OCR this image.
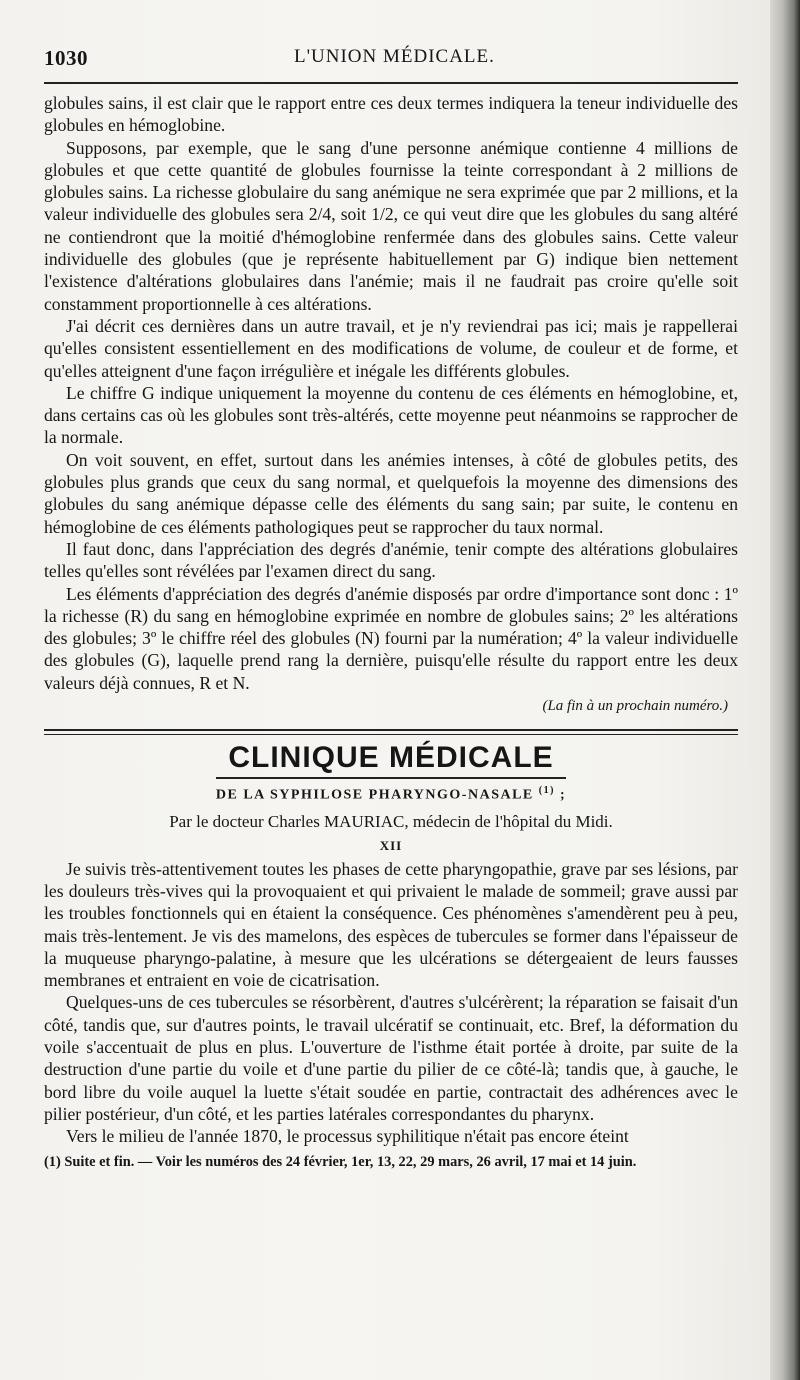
1030	L'UNION MÉDICALE.

globules sains, il est clair que le rapport entre ces deux termes indiquera la teneur individuelle des globules en hémoglobine.

Supposons, par exemple, que le sang d'une personne anémique contienne 4 millions de globules et que cette quantité de globules fournisse la teinte correspondant à 2 millions de globules sains. La richesse globulaire du sang anémique ne sera exprimée que par 2 millions, et la valeur individuelle des globules sera 2/4, soit 1/2, ce qui veut dire que les globules du sang altéré ne contiendront que la moitié d'hémoglobine renfermée dans des globules sains. Cette valeur individuelle des globules (que je représente habituellement par G) indique bien nettement l'existence d'altérations globulaires dans l'anémie; mais il ne faudrait pas croire qu'elle soit constamment proportionnelle à ces altérations.

J'ai décrit ces dernières dans un autre travail, et je n'y reviendrai pas ici; mais je rappellerai qu'elles consistent essentiellement en des modifications de volume, de couleur et de forme, et qu'elles atteignent d'une façon irrégulière et inégale les différents globules.

Le chiffre G indique uniquement la moyenne du contenu de ces éléments en hémoglobine, et, dans certains cas où les globules sont très-altérés, cette moyenne peut néanmoins se rapprocher de la normale.

On voit souvent, en effet, surtout dans les anémies intenses, à côté de globules petits, des globules plus grands que ceux du sang normal, et quelquefois la moyenne des dimensions des globules du sang anémique dépasse celle des éléments du sang sain; par suite, le contenu en hémoglobine de ces éléments pathologiques peut se rapprocher du taux normal.

Il faut donc, dans l'appréciation des degrés d'anémie, tenir compte des altérations globulaires telles qu'elles sont révélées par l'examen direct du sang.

Les éléments d'appréciation des degrés d'anémie disposés par ordre d'importance sont donc : 1º la richesse (R) du sang en hémoglobine exprimée en nombre de globules sains; 2º les altérations des globules; 3º le chiffre réel des globules (N) fourni par la numération; 4º la valeur individuelle des globules (G), laquelle prend rang la dernière, puisqu'elle résulte du rapport entre les deux valeurs déjà connues, R et N.

(La fin à un prochain numéro.)
CLINIQUE MÉDICALE
DE LA SYPHILOSE PHARYNGO-NASALE $^{(1)}$ ;
Par le docteur Charles MAURIAC, médecin de l'hôpital du Midi.
XII

Je suivis très-attentivement toutes les phases de cette pharyngopathie, grave par ses lésions, par les douleurs très-vives qui la provoquaient et qui privaient le malade de sommeil; grave aussi par les troubles fonctionnels qui en étaient la conséquence. Ces phénomènes s'amendèrent peu à peu, mais très-lentement. Je vis des mamelons, des espèces de tubercules se former dans l'épaisseur de la muqueuse pharyngo-palatine, à mesure que les ulcérations se détergeaient de leurs fausses membranes et entraient en voie de cicatrisation.

Quelques-uns de ces tubercules se résorbèrent, d'autres s'ulcérèrent; la réparation se faisait d'un côté, tandis que, sur d'autres points, le travail ulcératif se continuait, etc. Bref, la déformation du voile s'accentuait de plus en plus. L'ouverture de l'isthme était portée à droite, par suite de la destruction d'une partie du voile et d'une partie du pilier de ce côté-là; tandis que, à gauche, le bord libre du voile auquel la luette s'était soudée en partie, contractait des adhérences avec le pilier postérieur, d'un côté, et les parties latérales correspondantes du pharynx.

Vers le milieu de l'année 1870, le processus syphilitique n'était pas encore éteint

(1) Suite et fin. — Voir les numéros des 24 février, 1er, 13, 22, 29 mars, 26 avril, 17 mai et 14 juin.
